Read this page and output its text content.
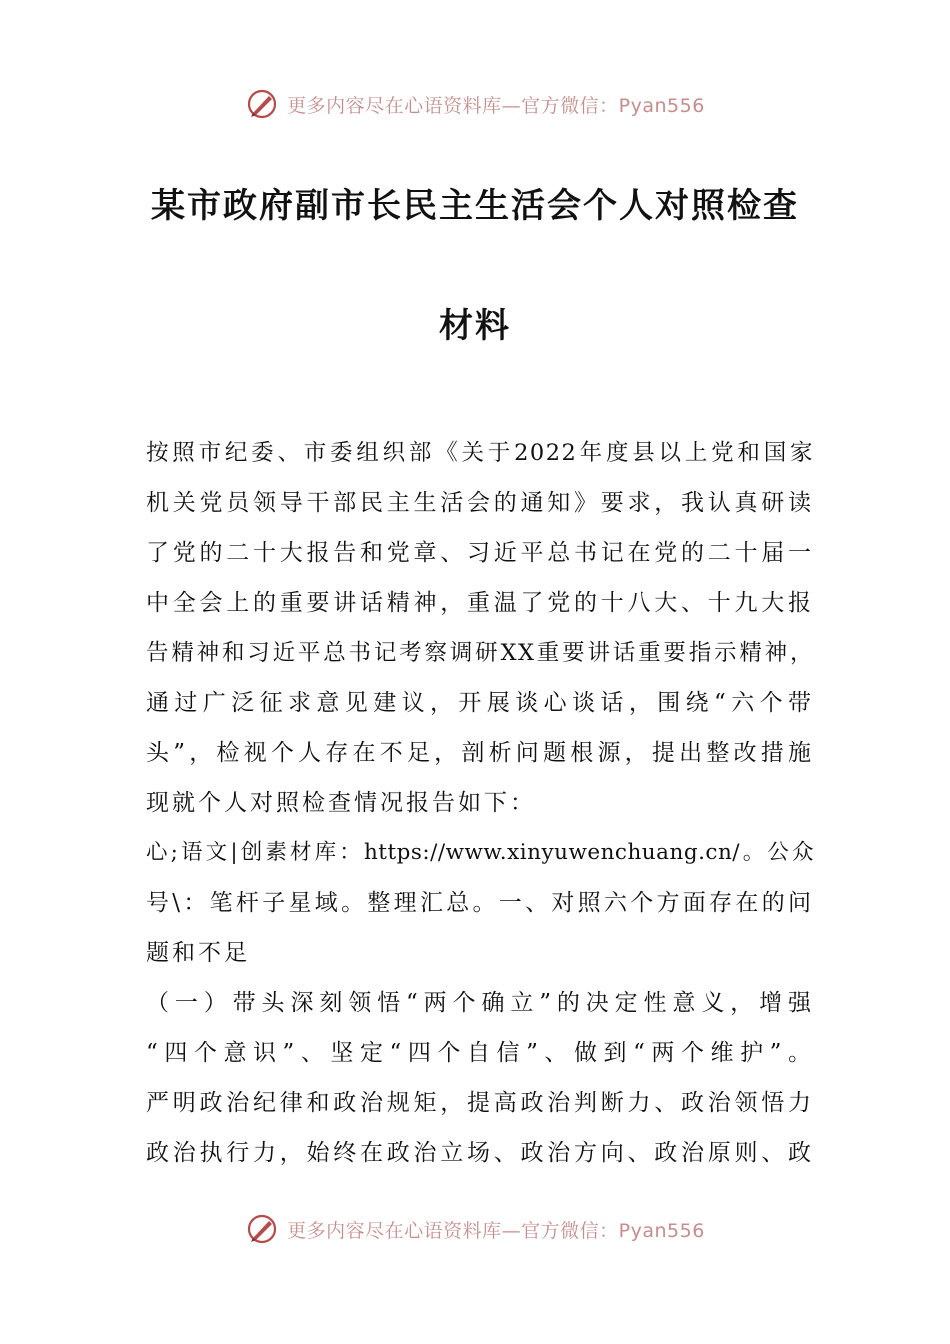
更多内容尽在心语资料库—官方微信：Pyan556
某市政府副市长民主生活会个人对照检查
材料
按照市纪委、市委组织部《关于2022年度县以上党和国家
机关党员领导干部民主生活会的通知》要求，我认真研读
了党的二十大报告和党章、习近平总书记在党的二十届一
中全会上的重要讲话精神，重温了党的十八大、十九大报
告精神和习近平总书记考察调研XX重要讲话重要指示精神，
通过广泛征求意见建议，开展谈心谈话，围绕“六个带
头”，检视个人存在不足，剖析问题根源，提出整改措施
现就个人对照检查情况报告如下：
心;语文|创素材库：https://www.xinyuwenchuang.cn/。公众
号\：笔杆子星域。整理汇总。一、对照六个方面存在的问
题和不足
（一）带头深刻领悟“两个确立”的决定性意义，增强
“四个意识”、坚定“四个自信”、做到“两个维护”。
严明政治纪律和政治规矩，提高政治判断力、政治领悟力
政治执行力，始终在政治立场、政治方向、政治原则、政
更多内容尽在心语资料库—官方微信：Pyan556
